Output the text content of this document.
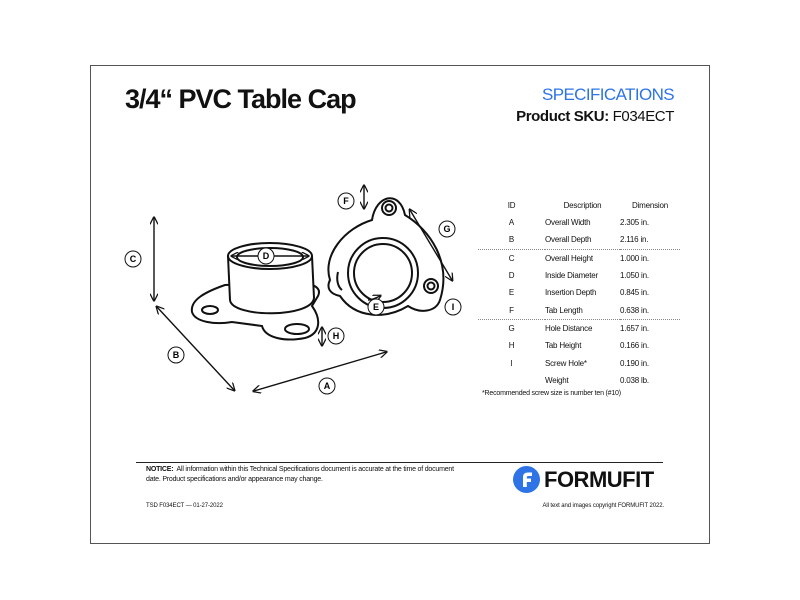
3/4“ PVC Table Cap	SPECIFICATIONS
Product SKU: F034ECT
C
B
A
D
F
G
E	I
H
ID	Description	Dimension
A	Overall Width	2.305 in.
B	Overall Depth	2.116 in.
C	Overall Height	1.000 in.
D	Inside Diameter	1.050 in.
E	Insertion Depth	0.845 in.
F	Tab Length	0.638 in.
G	Hole Distance	1.657 in.
H	Tab Height	0.166 in.
I	Screw Hole*	0.190 in.
	Weight	0.038 lb.
*Recommended screw size is number ten (#10)
NOTICE: All information within this Technical Specifications document is accurate at the time of document date. Product specifications and/or appearance may change.
TSD F034ECT — 01-27-2022
FORMUFIT
All text and images copyright FORMUFIT 2022.
